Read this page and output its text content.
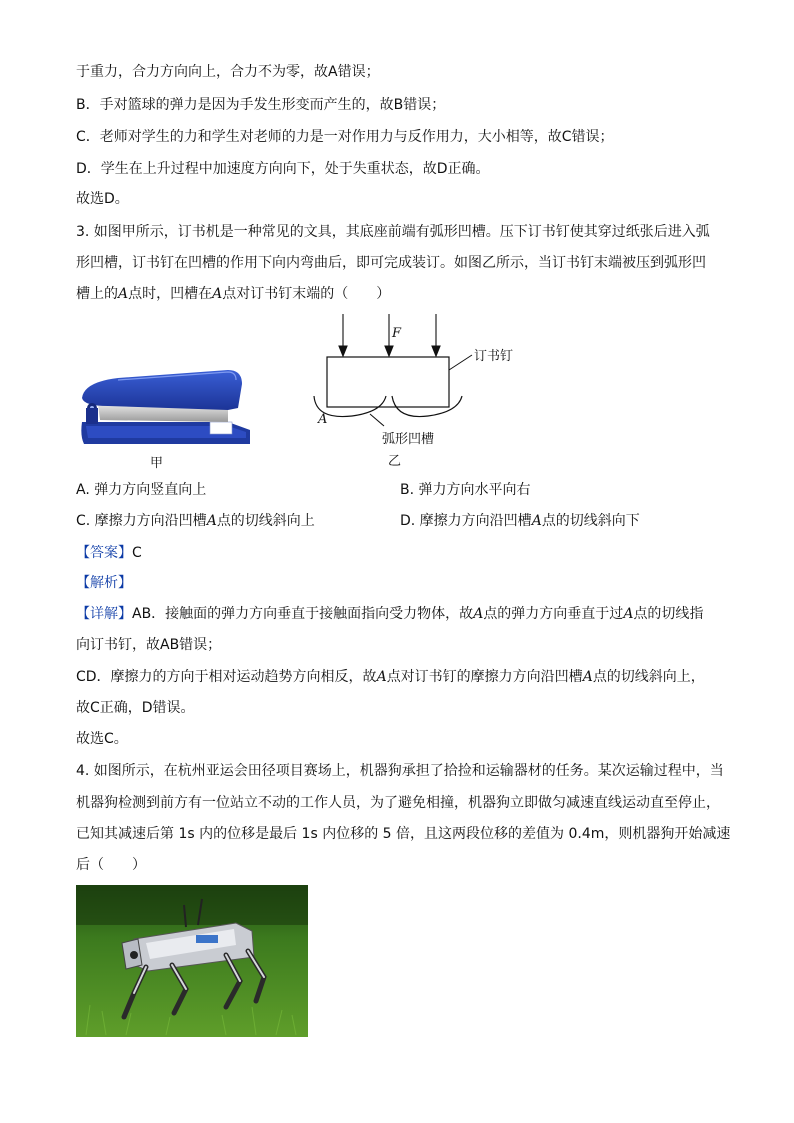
于重力，合力方向向上，合力不为零，故A错误；
B．手对篮球的弹力是因为手发生形变而产生的，故B错误；
C．老师对学生的力和学生对老师的力是一对作用力与反作用力，大小相等，故C错误；
D．学生在上升过程中加速度方向向下，处于失重状态，故D正确。
故选D。
3. 如图甲所示，订书机是一种常见的文具，其底座前端有弧形凹槽。压下订书钉使其穿过纸张后进入弧
形凹槽，订书钉在凹槽的作用下向内弯曲后，即可完成装订。如图乙所示，当订书钉末端被压到弧形凹
槽上的A点时，凹槽在A点对订书钉末端的（　　）
甲
F
订书钉
A
弧形凹槽
乙
A. 弹力方向竖直向上	B. 弹力方向水平向右
C. 摩擦力方向沿凹槽A点的切线斜向上	D. 摩擦力方向沿凹槽A点的切线斜向下
【答案】C
【解析】
【详解】AB．接触面的弹力方向垂直于接触面指向受力物体，故A点的弹力方向垂直于过A点的切线指
向订书钉，故AB错误；
CD．摩擦力的方向于相对运动趋势方向相反，故A点对订书钉的摩擦力方向沿凹槽A点的切线斜向上，
故C正确，D错误。
故选C。
4. 如图所示，在杭州亚运会田径项目赛场上，机器狗承担了拾捡和运输器材的任务。某次运输过程中，当
机器狗检测到前方有一位站立不动的工作人员，为了避免相撞，机器狗立即做匀减速直线运动直至停止，
已知其减速后第 1s 内的位移是最后 1s 内位移的 5 倍，且这两段位移的差值为 0.4m，则机器狗开始减速
后（　　）
